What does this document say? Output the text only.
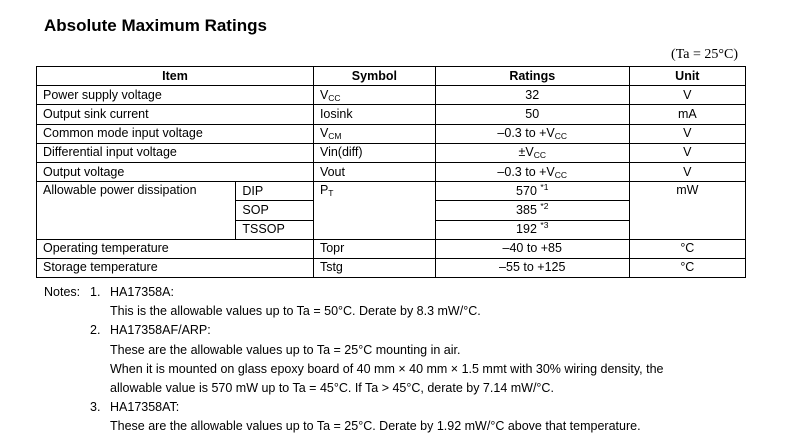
Absolute Maximum Ratings
(Ta = 25°C)
Item		Symbol	Ratings	Unit
Power supply voltage		$V_{CC}$	32	V
Output sink current		Iosink	50	mA
Common mode input voltage		$V_{CM}$	–0.3 to $+V_{CC}$	V
Differential input voltage		Vin(diff)	$\pm V_{CC}$	V
Output voltage		Vout	–0.3 to $+V_{CC}$	V
Allowable power dissipation	DIP	$P_T$	570 $^{*1}$	mW
	SOP		385 $^{*2}$
	TSSOP		192 $^{*3}$
Operating temperature		Topr	–40 to +85	°C
Storage temperature		Tstg	–55 to +125	°C
Notes: 1. HA17358A:
This is the allowable values up to Ta = 50°C. Derate by 8.3 mW/°C.
2. HA17358AF/ARP:
These are the allowable values up to Ta = 25°C mounting in air.
When it is mounted on glass epoxy board of 40 mm × 40 mm × 1.5 mmt with 30% wiring density, the
allowable value is 570 mW up to Ta = 45°C. If Ta > 45°C, derate by 7.14 mW/°C.
3. HA17358AT:
These are the allowable values up to Ta = 25°C. Derate by 1.92 mW/°C above that temperature.
